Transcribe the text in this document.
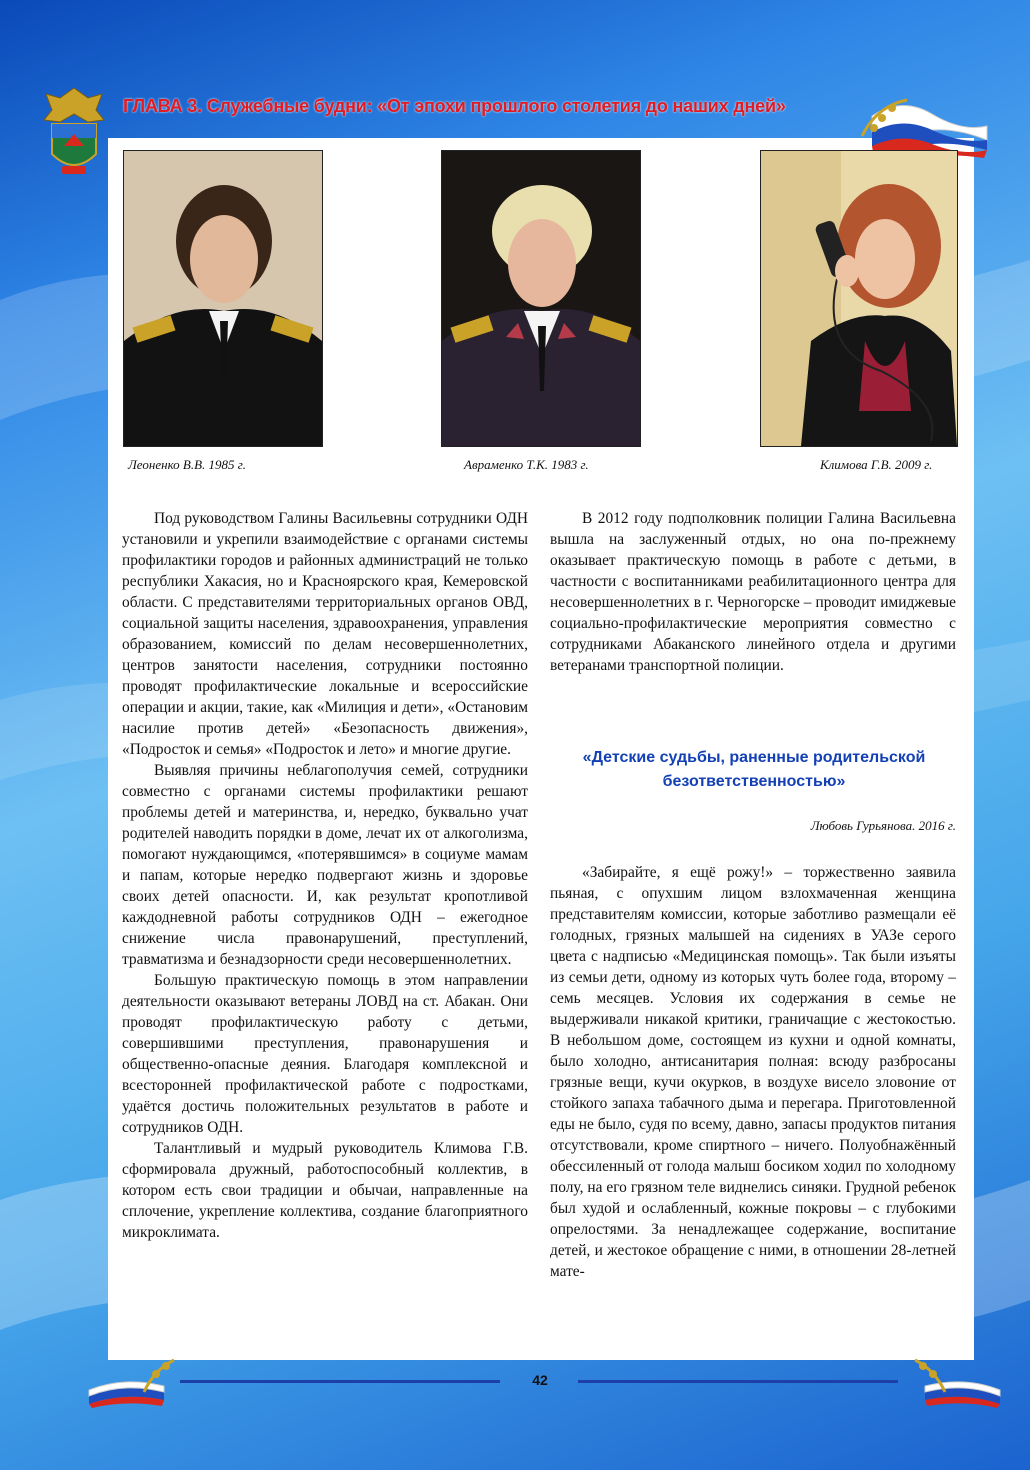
ГЛАВА 3. Служебные будни: «От эпохи прошлого столетия до наших дней»
Леоненко В.В. 1985 г.	Авраменко Т.К. 1983 г.	Климова Г.В. 2009 г.

Под руководством Галины Васильевны сотрудники ОДН установили и укрепили взаимодействие с органами системы профилактики городов и районных администраций не только республики Хакасия, но и Красноярского края, Кемеровской области. С представителями территориальных органов ОВД, социальной защиты населения, здравоохранения, управления образованием, комиссий по делам несовершеннолетних, центров занятости населения, сотрудники постоянно проводят профилактические локальные и всероссийские операции и акции, такие, как «Милиция и дети», «Остановим насилие против детей» «Безопасность движения», «Подросток и семья» «Подросток и лето» и многие другие.

Выявляя причины неблагополучия семей, сотрудники совместно с органами системы профилактики решают проблемы детей и материнства, и, нередко, буквально учат родителей наводить порядки в доме, лечат их от алкоголизма, помогают нуждающимся, «потерявшимся» в социуме мамам и папам, которые нередко подвергают жизнь и здоровье своих детей опасности. И, как результат кропотливой каждодневной работы сотрудников ОДН – ежегодное снижение числа правонарушений, преступлений, травматизма и безнадзорности среди несовершеннолетних.

Большую практическую помощь в этом направлении деятельности оказывают ветераны ЛОВД на ст. Абакан. Они проводят профилактическую работу с детьми, совершившими преступления, правонарушения и общественно-опасные деяния. Благодаря комплексной и всесторонней профилактической работе с подростками, удаётся достичь положительных результатов в работе и сотрудников ОДН.

Талантливый и мудрый руководитель Климова Г.В. сформировала дружный, работоспособный коллектив, в котором есть свои традиции и обычаи, направленные на сплочение, укрепление коллектива, создание благоприятного микроклимата.

В 2012 году подполковник полиции Галина Васильевна вышла на заслуженный отдых, но она по-прежнему оказывает практическую помощь в работе с детьми, в частности с воспитанниками реабилитационного центра для несовершеннолетних в г. Черногорске – проводит имиджевые социально-профилактические мероприятия совместно с сотрудниками Абаканского линейного отдела и другими ветеранами транспортной полиции.

«Детские судьбы, раненные родительской безответственностью»
Любовь Гурьянова. 2016 г.

«Забирайте, я ещё рожу!» – торжественно заявила пьяная, с опухшим лицом взлохмаченная женщина представителям комиссии, которые заботливо размещали её голодных, грязных малышей на сидениях в УАЗе серого цвета с надписью «Медицинская помощь». Так были изъяты из семьи дети, одному из которых чуть более года, второму – семь месяцев. Условия их содержания в семье не выдерживали никакой критики, граничащие с жестокостью. В небольшом доме, состоящем из кухни и одной комнаты, было холодно, антисанитария полная: всюду разбросаны грязные вещи, кучи окурков, в воздухе висело зловоние от стойкого запаха табачного дыма и перегара. Приготовленной еды не было, судя по всему, давно, запасы продуктов питания отсутствовали, кроме спиртного – ничего. Полуобнажённый обессиленный от голода малыш босиком ходил по холодному полу, на его грязном теле виднелись синяки. Грудной ребенок был худой и ослабленный, кожные покровы – с глубокими опрелостями. За ненадлежащее содержание, воспитание детей, и жестокое обращение с ними, в отношении 28-летней мате-

42
